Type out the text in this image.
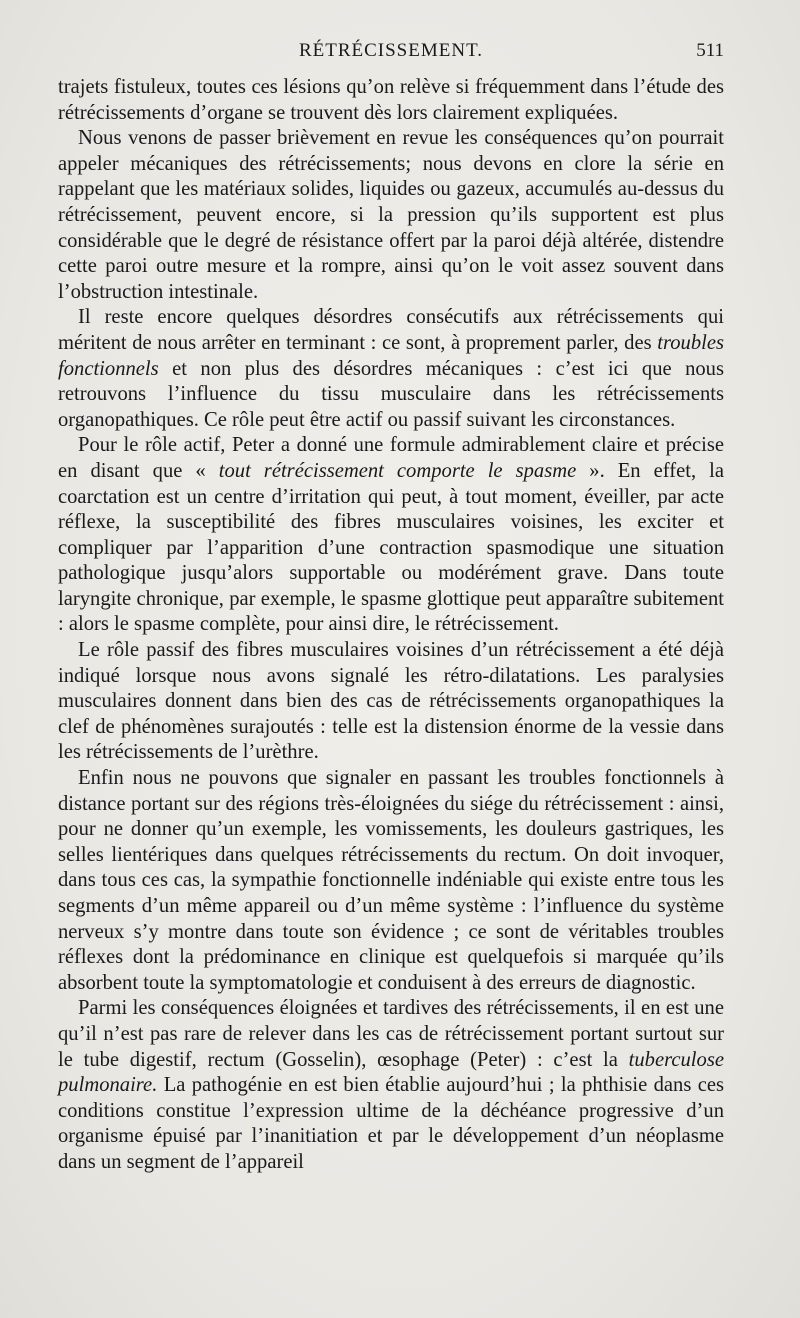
RÉTRÉCISSEMENT.	511

trajets fistuleux, toutes ces lésions qu’on relève si fréquemment dans l’étude des rétrécissements d’organe se trouvent dès lors clairement expliquées.

Nous venons de passer brièvement en revue les conséquences qu’on pourrait appeler mécaniques des rétrécissements; nous devons en clore la série en rappelant que les matériaux solides, liquides ou gazeux, accumulés au-dessus du rétrécissement, peuvent encore, si la pression qu’ils supportent est plus considérable que le degré de résistance offert par la paroi déjà altérée, distendre cette paroi outre mesure et la rompre, ainsi qu’on le voit assez souvent dans l’obstruction intestinale.

Il reste encore quelques désordres consécutifs aux rétrécissements qui méritent de nous arrêter en terminant : ce sont, à proprement parler, des troubles fonctionnels et non plus des désordres mécaniques : c’est ici que nous retrouvons l’influence du tissu musculaire dans les rétrécissements organopathiques. Ce rôle peut être actif ou passif suivant les circonstances.

Pour le rôle actif, Peter a donné une formule admirablement claire et précise en disant que « tout rétrécissement comporte le spasme ». En effet, la coarctation est un centre d’irritation qui peut, à tout moment, éveiller, par acte réflexe, la susceptibilité des fibres musculaires voisines, les exciter et compliquer par l’apparition d’une contraction spasmodique une situation pathologique jusqu’alors supportable ou modérément grave. Dans toute laryngite chronique, par exemple, le spasme glottique peut apparaître subitement : alors le spasme complète, pour ainsi dire, le rétrécissement.

Le rôle passif des fibres musculaires voisines d’un rétrécissement a été déjà indiqué lorsque nous avons signalé les rétro-dilatations. Les paralysies musculaires donnent dans bien des cas de rétrécissements organopathiques la clef de phénomènes surajoutés : telle est la distension énorme de la vessie dans les rétrécissements de l’urèthre.

Enfin nous ne pouvons que signaler en passant les troubles fonctionnels à distance portant sur des régions très-éloignées du siége du rétrécissement : ainsi, pour ne donner qu’un exemple, les vomissements, les douleurs gastriques, les selles lientériques dans quelques rétrécissements du rectum. On doit invoquer, dans tous ces cas, la sympathie fonctionnelle indéniable qui existe entre tous les segments d’un même appareil ou d’un même système : l’influence du système nerveux s’y montre dans toute son évidence ; ce sont de véritables troubles réflexes dont la prédominance en clinique est quelquefois si marquée qu’ils absorbent toute la symptomatologie et conduisent à des erreurs de diagnostic.

Parmi les conséquences éloignées et tardives des rétrécissements, il en est une qu’il n’est pas rare de relever dans les cas de rétrécissement portant surtout sur le tube digestif, rectum (Gosselin), œsophage (Peter) : c’est la tuberculose pulmonaire. La pathogénie en est bien établie aujourd’hui ; la phthisie dans ces conditions constitue l’expression ultime de la déchéance progressive d’un organisme épuisé par l’inanitiation et par le développement d’un néoplasme dans un segment de l’appareil
